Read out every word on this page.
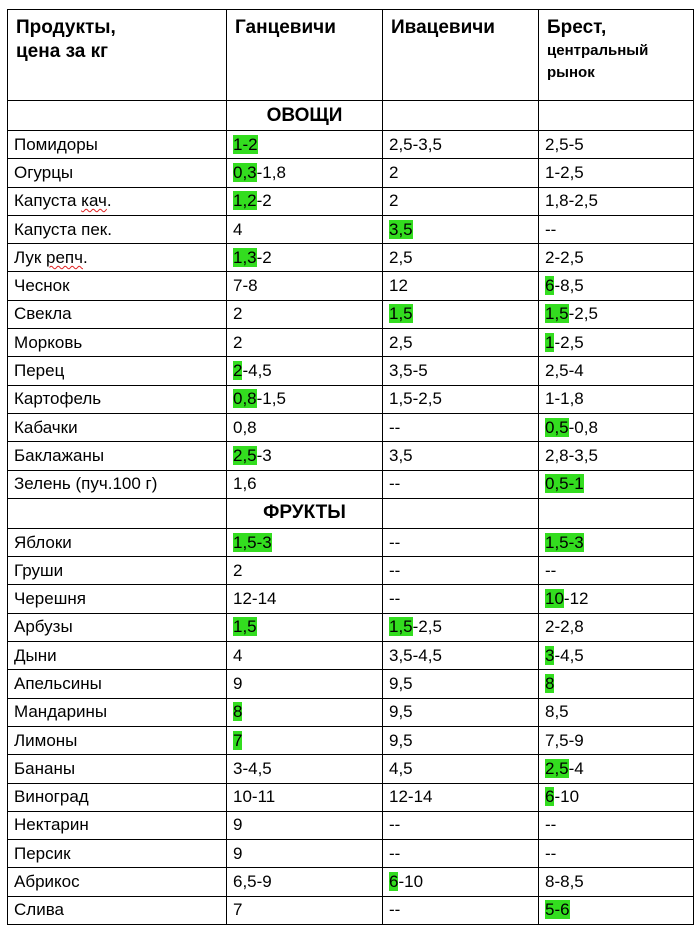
Продукты,
цена за кг	Ганцевичи	Ивацевичи	Брест,
центральный
рынок

	ОВОЩИ		
Помидоры	1-2	2,5-3,5	2,5-5
Огурцы	0,3-1,8	2	1-2,5
Капуста кач.	1,2-2	2	1,8-2,5
Капуста пек.	4	3,5	--
Лук репч.	1,3-2	2,5	2-2,5
Чеснок	7-8	12	6-8,5
Свекла	2	1,5	1,5-2,5
Морковь	2	2,5	1-2,5
Перец	2-4,5	3,5-5	2,5-4
Картофель	0,8-1,5	1,5-2,5	1-1,8
Кабачки	0,8	--	0,5-0,8
Баклажаны	2,5-3	3,5	2,8-3,5
Зелень (пуч.100 г)	1,6	--	0,5-1
	ФРУКТЫ		
Яблоки	1,5-3	--	1,5-3
Груши	2	--	--
Черешня	12-14	--	10-12
Арбузы	1,5	1,5-2,5	2-2,8
Дыни	4	3,5-4,5	3-4,5
Апельсины	9	9,5	8
Мандарины	8	9,5	8,5
Лимоны	7	9,5	7,5-9
Бананы	3-4,5	4,5	2,5-4
Виноград	10-11	12-14	6-10
Нектарин	9	--	--
Персик	9	--	--
Абрикос	6,5-9	6-10	8-8,5
Слива	7	--	5-6
